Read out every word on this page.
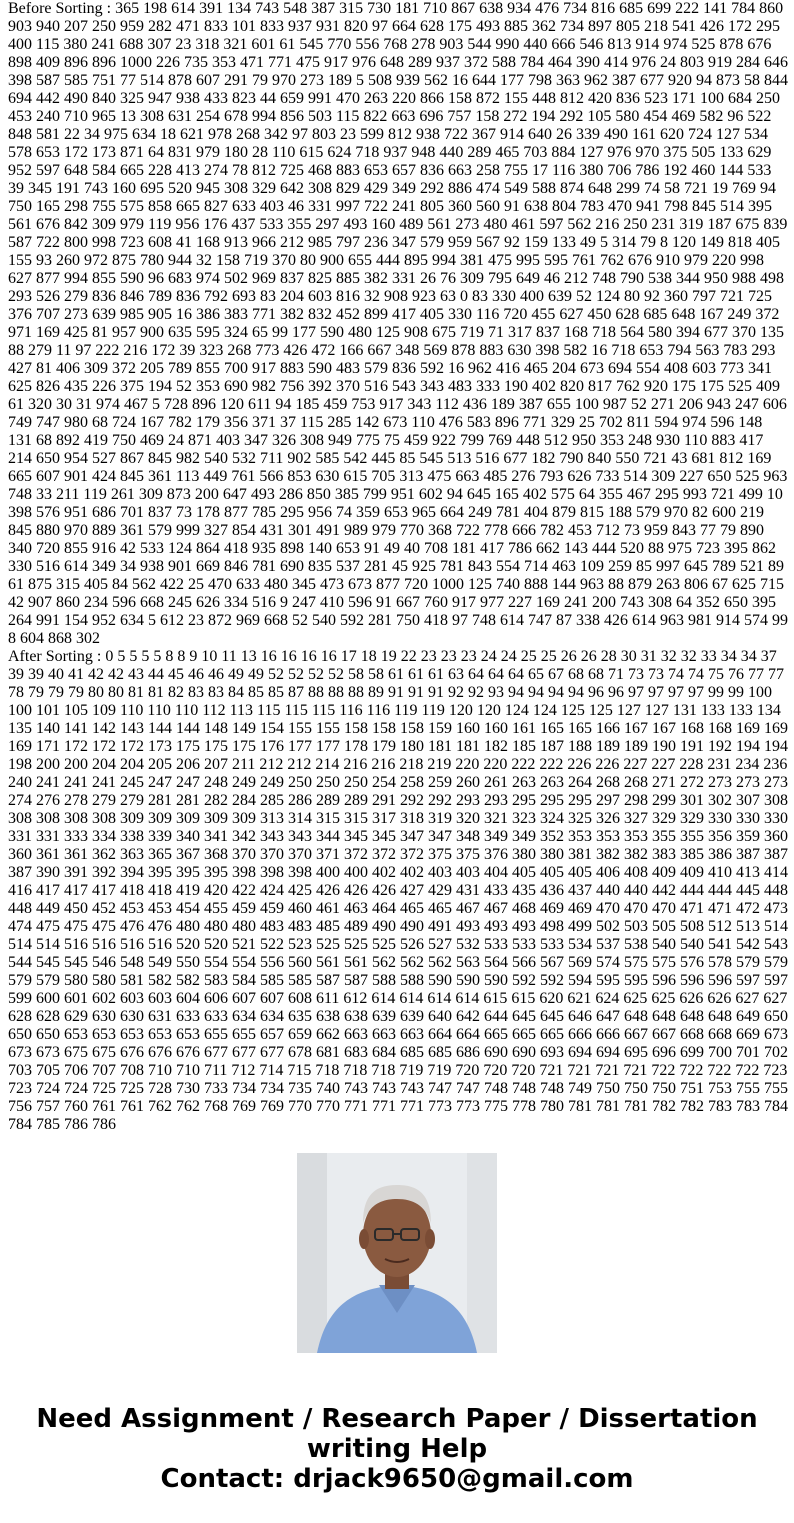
Before Sorting : 365 198 614 391 134 743 548 387 315 730 181 710 867 638 934 476 734 816 685 699 222 141 784 860 903 940 207 250 959 282 471 833 101 833 937 931 820 97 664 628 175 493 885 362 734 897 805 218 541 426 172 295 400 115 380 241 688 307 23 318 321 601 61 545 770 556 768 278 903 544 990 440 666 546 813 914 974 525 878 676 898 409 896 896 1000 226 735 353 471 771 475 917 976 648 289 937 372 588 784 464 390 414 976 24 803 919 284 646 398 587 585 751 77 514 878 607 291 79 970 273 189 5 508 939 562 16 644 177 798 363 962 387 677 920 94 873 58 844 694 442 490 840 325 947 938 433 823 44 659 991 470 263 220 866 158 872 155 448 812 420 836 523 171 100 684 250 453 240 710 965 13 308 631 254 678 994 856 503 115 822 663 696 757 158 272 194 292 105 580 454 469 582 96 522 848 581 22 34 975 634 18 621 978 268 342 97 803 23 599 812 938 722 367 914 640 26 339 490 161 620 724 127 534 578 653 172 173 871 64 831 979 180 28 110 615 624 718 937 948 440 289 465 703 884 127 976 970 375 505 133 629 952 597 648 584 665 228 413 274 78 812 725 468 883 653 657 836 663 258 755 17 116 380 706 786 192 460 144 533 39 345 191 743 160 695 520 945 308 329 642 308 829 429 349 292 886 474 549 588 874 648 299 74 58 721 19 769 94 750 165 298 755 575 858 665 827 633 403 46 331 997 722 241 805 360 560 91 638 804 783 470 941 798 845 514 395 561 676 842 309 979 119 956 176 437 533 355 297 493 160 489 561 273 480 461 597 562 216 250 231 319 187 675 839 587 722 800 998 723 608 41 168 913 966 212 985 797 236 347 579 959 567 92 159 133 49 5 314 79 8 120 149 818 405 155 93 260 972 875 780 944 32 158 719 370 80 900 655 444 895 994 381 475 995 595 761 762 676 910 979 220 998 627 877 994 855 590 96 683 974 502 969 837 825 885 382 331 26 76 309 795 649 46 212 748 790 538 344 950 988 498 293 526 279 836 846 789 836 792 693 83 204 603 816 32 908 923 63 0 83 330 400 639 52 124 80 92 360 797 721 725 376 707 273 639 985 905 16 386 383 771 382 832 452 899 417 405 330 116 720 455 627 450 628 685 648 167 249 372 971 169 425 81 957 900 635 595 324 65 99 177 590 480 125 908 675 719 71 317 837 168 718 564 580 394 677 370 135 88 279 11 97 222 216 172 39 323 268 773 426 472 166 667 348 569 878 883 630 398 582 16 718 653 794 563 783 293 427 81 406 309 372 205 789 855 700 917 883 590 483 579 836 592 16 962 416 465 204 673 694 554 408 603 773 341 625 826 435 226 375 194 52 353 690 982 756 392 370 516 543 343 483 333 190 402 820 817 762 920 175 175 525 409 61 320 30 31 974 467 5 728 896 120 611 94 185 459 753 917 343 112 436 189 387 655 100 987 52 271 206 943 247 606 749 747 980 68 724 167 782 179 356 371 37 115 285 142 673 110 476 583 896 771 329 25 702 811 594 974 596 148 131 68 892 419 750 469 24 871 403 347 326 308 949 775 75 459 922 799 769 448 512 950 353 248 930 110 883 417 214 650 954 527 867 845 982 540 532 711 902 585 542 445 85 545 513 516 677 182 790 840 550 721 43 681 812 169 665 607 901 424 845 361 113 449 761 566 853 630 615 705 313 475 663 485 276 793 626 733 514 309 227 650 525 963 748 33 211 119 261 309 873 200 647 493 286 850 385 799 951 602 94 645 165 402 575 64 355 467 295 993 721 499 10 398 576 951 686 701 837 73 178 877 785 295 956 74 359 653 965 664 249 781 404 879 815 188 579 970 82 600 219 845 880 970 889 361 579 999 327 854 431 301 491 989 979 770 368 722 778 666 782 453 712 73 959 843 77 79 890 340 720 855 916 42 533 124 864 418 935 898 140 653 91 49 40 708 181 417 786 662 143 444 520 88 975 723 395 862 330 516 614 349 34 938 901 669 846 781 690 835 537 281 45 925 781 843 554 714 463 109 259 85 997 645 789 521 89 61 875 315 405 84 562 422 25 470 633 480 345 473 673 877 720 1000 125 740 888 144 963 88 879 263 806 67 625 715 42 907 860 234 596 668 245 626 334 516 9 247 410 596 91 667 760 917 977 227 169 241 200 743 308 64 352 650 395 264 991 154 952 634 5 612 23 872 969 668 52 540 592 281 750 418 97 748 614 747 87 338 426 614 963 981 914 574 99 8 604 868 302
After Sorting : 0 5 5 5 5 8 8 9 10 11 13 16 16 16 16 17 18 19 22 23 23 23 24 24 25 25 26 26 28 30 31 32 32 33 34 34 37 39 39 40 41 42 42 43 44 45 46 46 49 49 52 52 52 52 58 58 61 61 61 63 64 64 64 65 67 68 68 71 73 73 74 74 75 76 77 77 78 79 79 79 80 80 81 81 82 83 83 84 85 85 87 88 88 88 89 91 91 91 92 92 93 94 94 94 94 96 96 97 97 97 97 99 99 100 100 101 105 109 110 110 110 112 113 115 115 115 116 116 119 119 120 120 124 124 125 125 127 127 131 133 133 134 135 140 141 142 143 144 144 148 149 154 155 155 158 158 158 159 160 160 161 165 165 166 167 167 168 168 169 169 169 171 172 172 172 173 175 175 175 176 177 177 178 179 180 181 181 182 185 187 188 189 189 190 191 192 194 194 198 200 200 204 204 205 206 207 211 212 212 214 216 216 218 219 220 220 222 222 226 226 227 227 228 231 234 236 240 241 241 241 245 247 247 248 249 249 250 250 250 254 258 259 260 261 263 263 264 268 268 271 272 273 273 273 274 276 278 279 279 281 281 282 284 285 286 289 289 291 292 292 293 293 295 295 295 297 298 299 301 302 307 308 308 308 308 308 309 309 309 309 309 313 314 315 315 317 318 319 320 321 323 324 325 326 327 329 329 330 330 330 331 331 333 334 338 339 340 341 342 343 343 344 345 345 347 347 348 349 349 352 353 353 353 355 355 356 359 360 360 361 361 362 363 365 367 368 370 370 370 371 372 372 372 375 375 376 380 380 381 382 382 383 385 386 387 387 387 390 391 392 394 395 395 395 398 398 398 400 400 402 402 403 403 404 405 405 405 406 408 409 409 410 413 414 416 417 417 417 418 418 419 420 422 424 425 426 426 426 427 429 431 433 435 436 437 440 440 442 444 444 445 448 448 449 450 452 453 453 454 455 459 459 460 461 463 464 465 465 467 467 468 469 469 470 470 470 471 471 472 473 474 475 475 475 476 476 480 480 480 483 483 485 489 490 490 491 493 493 493 498 499 502 503 505 508 512 513 514 514 514 516 516 516 516 520 520 521 522 523 525 525 525 526 527 532 533 533 533 534 537 538 540 540 541 542 543 544 545 545 546 548 549 550 554 554 556 560 561 561 562 562 562 563 564 566 567 569 574 575 575 576 578 579 579 579 579 580 580 581 582 582 583 584 585 585 587 587 588 588 590 590 590 592 592 594 595 595 596 596 596 597 597 599 600 601 602 603 603 604 606 607 607 608 611 612 614 614 614 614 615 615 620 621 624 625 625 626 626 627 627 628 628 629 630 630 631 633 633 634 634 635 638 638 639 639 640 642 644 645 645 646 647 648 648 648 648 649 650 650 650 653 653 653 653 653 655 655 657 659 662 663 663 663 664 664 665 665 665 666 666 667 667 668 668 669 673 673 673 675 675 676 676 676 677 677 677 678 681 683 684 685 685 686 690 690 693 694 694 695 696 699 700 701 702 703 705 706 707 708 710 710 711 712 714 715 718 718 718 719 719 720 720 720 721 721 721 721 722 722 722 722 723 723 724 724 725 725 728 730 733 734 734 735 740 743 743 743 747 747 748 748 748 749 750 750 750 751 753 755 755 756 757 760 761 761 762 762 768 769 769 770 770 771 771 771 773 773 775 778 780 781 781 781 782 782 783 783 784 784 785 786 786
Need Assignment / Research Paper / Dissertation
writing Help
Contact: drjack9650@gmail.com
